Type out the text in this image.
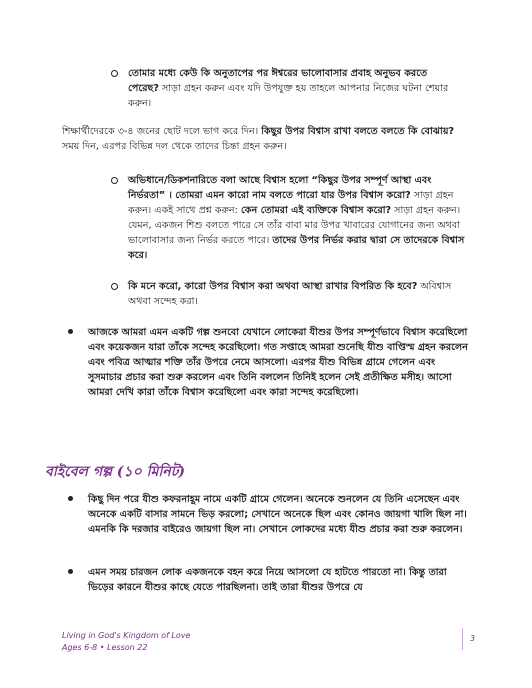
তোমার মধ্যে কেউ কি অনুতাপের পর ঈশ্বরের ভালোবাসার প্রবাহ অনুভব করতে পেরেছ? সাড়া গ্রহন করুন এবং যদি উপযুক্ত হয় তাহলে আপনার নিজের ঘটনা শেয়ার করুন।

শিক্ষার্থীদেরকে ৩-৪ জনের ছোট দলে ভাগ করে দিন। কিছুর উপর বিশ্বাস রাখা বলতে বলতে কি বোঝায়? সময় দিন, এরপর বিভিন্ন দল থেকে তাদের চিন্তা গ্রহন করুন।

অভিধানে/ডিকশনারিতে বলা আছে বিশ্বাস হলো “কিছুর উপর সম্পূর্ণ আস্থা এবং নির্ভরতা” । তোমরা এমন কারো নাম বলতে পারো যার উপর বিশ্বাস করো? সাড়া গ্রহন করুন। একই সাথে প্রশ্ন করুন: কেন তোমরা এই ব্যক্তিকে বিশ্বাস করো? সাড়া গ্রহন করুন। যেমন, একজন শিশু বলতে পারে সে তাঁর বাবা মার উপর খাবারের যোগানের জন্য অথবা ভালোবাসার জন্য নির্ভর করতে পারে। তাদের উপর নির্ভর করার দ্বারা সে তাদেরকে বিশ্বাস করে।

কি মনে করো, কারো উপর বিশ্বাস করা অথবা আস্থা রাখার বিপরিত কি হবে? অবিশ্বাস অথবা সন্দেহ করা।

আজকে আমরা এমন একটি গল্প শুনবো যেখানে লোকেরা যীশুর উপর সম্পূর্ণভাবে বিশ্বাস করেছিলো এবং কয়েকজন যারা তাঁকে সন্দেহ করেছিলো। গত সপ্তাহে আমরা শুনেছি যীশু বাপ্তিস্ম গ্রহন করলেন এবং পবিত্র আত্মার শক্তি তাঁর উপরে নেমে আসলো। এরপর যীশু বিভিন্ন গ্রামে গেলেন এবং সুসমাচার প্রচার করা শুরু করলেন এবং তিনি বললেন তিনিই হলেন সেই প্রতীক্ষিত মসীহ। আসো আমরা দেখি কারা তাঁকে বিশ্বাস করেছিলো এবং কারা সন্দেহ করেছিলো।

বাইবেল গল্প (১০ মিনিট)

কিছু দিন পরে যীশু কফরনাহূম নামে একটি গ্রামে গেলেন। অনেকে শুনলেন যে তিনি এসেছেন এবং অনেকে একটি বাসার সামনে ভিড় করলো; সেখানে অনেকে ছিল এবং কোনও জায়গা খালি ছিল না। এমনকি কি দরজার বাইরেও জায়গা ছিল না। সেখানে লোকদের মধ্যে যীশু প্রচার করা শুরু করলেন।

এমন সময় চারজন লোক একজনকে বহন করে নিয়ে আসলো যে হাটতে পারতো না। কিন্তু তারা ভিড়ের কারনে যীশুর কাছে যেতে পারছিলনা। তাই তারা যীশুর উপরে যে

Living in God's Kingdom of Love
Ages 6-8 • Lesson 22
3
